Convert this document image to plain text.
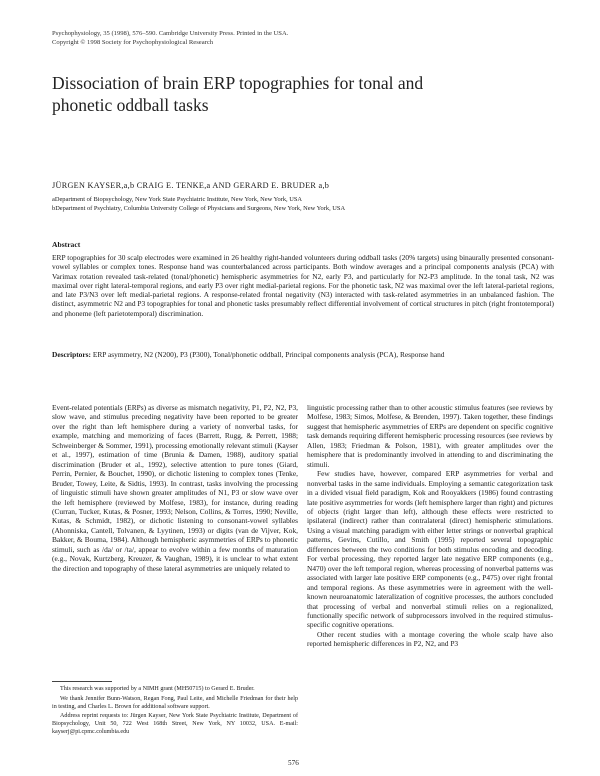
Psychophysiology, 35 (1998), 576–590. Cambridge University Press. Printed in the USA.
Copyright © 1998 Society for Psychophysiological Research
Dissociation of brain ERP topographies for tonal and phonetic oddball tasks
JÜRGEN KAYSER,a,b CRAIG E. TENKE,a AND GERARD E. BRUDER a,b
aDepartment of Biopsychology, New York State Psychiatric Institute, New York, New York, USA
bDepartment of Psychiatry, Columbia University College of Physicians and Surgeons, New York, New York, USA
Abstract
ERP topographies for 30 scalp electrodes were examined in 26 healthy right-handed volunteers during oddball tasks (20% targets) using binaurally presented consonant-vowel syllables or complex tones. Response hand was counterbalanced across participants. Both window averages and a principal components analysis (PCA) with Varimax rotation revealed task-related (tonal/phonetic) hemispheric asymmetries for N2, early P3, and particularly for N2-P3 amplitude. In the tonal task, N2 was maximal over right lateral-temporal regions, and early P3 over right medial-parietal regions. For the phonetic task, N2 was maximal over the left lateral-parietal regions, and late P3/N3 over left medial-parietal regions. A response-related frontal negativity (N3) interacted with task-related asymmetries in an unbalanced fashion. The distinct, asymmetric N2 and P3 topographies for tonal and phonetic tasks presumably reflect differential involvement of cortical structures in pitch (right frontotemporal) and phoneme (left parietotemporal) discrimination.
Descriptors: ERP asymmetry, N2 (N200), P3 (P300), Tonal/phonetic oddball, Principal components analysis (PCA), Response hand

Event-related potentials (ERPs) as diverse as mismatch negativity, P1, P2, N2, P3, slow wave, and stimulus preceding negativity have been reported to be greater over the right than left hemisphere during a variety of nonverbal tasks, for example, matching and memorizing of faces (Barrett, Rugg, & Perrett, 1988; Schweinberger & Sommer, 1991), processing emotionally relevant stimuli (Kayser et al., 1997), estimation of time (Brunia & Damen, 1988), auditory spatial discrimination (Bruder et al., 1992), selective attention to pure tones (Giard, Perrin, Pernier, & Bouchet, 1990), or dichotic listening to complex tones (Tenke, Bruder, Towey, Leite, & Sidtis, 1993). In contrast, tasks involving the processing of linguistic stimuli have shown greater amplitudes of N1, P3 or slow wave over the left hemisphere (reviewed by Molfese, 1983), for instance, during reading (Curran, Tucker, Kutas, & Posner, 1993; Nelson, Collins, & Torres, 1990; Neville, Kutas, & Schmidt, 1982), or dichotic listening to consonant-vowel syllables (Ahonniska, Cantell, Tolvanen, & Lyytinen, 1993) or digits (van de Vijver, Kok, Bakker, & Bouma, 1984). Although hemispheric asymmetries of ERPs to phonetic stimuli, such as /da/ or /ta/, appear to evolve within a few months of maturation (e.g., Novak, Kurtzberg, Kreuzer, & Vaughan, 1989), it is unclear to what extent the direction and topography of these lateral asymmetries are uniquely related to

linguistic processing rather than to other acoustic stimulus features (see reviews by Molfese, 1983; Simos, Molfese, & Brenden, 1997). Taken together, these findings suggest that hemispheric asymmetries of ERPs are dependent on specific cognitive task demands requiring different hemispheric processing resources (see reviews by Allen, 1983; Friedman & Polson, 1981), with greater amplitudes over the hemisphere that is predominantly involved in attending to and discriminating the stimuli.

Few studies have, however, compared ERP asymmetries for verbal and nonverbal tasks in the same individuals. Employing a semantic categorization task in a divided visual field paradigm, Kok and Rooyakkers (1986) found contrasting late positive asymmetries for words (left hemisphere larger than right) and pictures of objects (right larger than left), although these effects were restricted to ipsilateral (indirect) rather than contralateral (direct) hemispheric stimulations. Using a visual matching paradigm with either letter strings or nonverbal graphical patterns, Gevins, Cutillo, and Smith (1995) reported several topographic differences between the two conditions for both stimulus encoding and decoding. For verbal processing, they reported larger late negative ERP components (e.g., N470) over the left temporal region, whereas processing of nonverbal patterns was associated with larger late positive ERP components (e.g., P475) over right frontal and temporal regions. As these asymmetries were in agreement with the well-known neuroanatomic lateralization of cognitive processes, the authors concluded that processing of verbal and nonverbal stimuli relies on a regionalized, functionally specific network of subprocessors involved in the required stimulus-specific cognitive operations.

Other recent studies with a montage covering the whole scalp have also reported hemispheric differences in P2, N2, and P3

This research was supported by a NIMH grant (MH50715) to Gerard E. Bruder.

We thank Jennifer Bunn-Watson, Regan Fong, Paul Leite, and Michelle Friedman for their help in testing, and Charles L. Brown for additional software support.

Address reprint requests to: Jürgen Kayser, New York State Psychiatric Institute, Department of Biopsychology, Unit 50, 722 West 168th Street, New York, NY 10032, USA. E-mail: kayserj@pi.cpmc.columbia.edu

576
